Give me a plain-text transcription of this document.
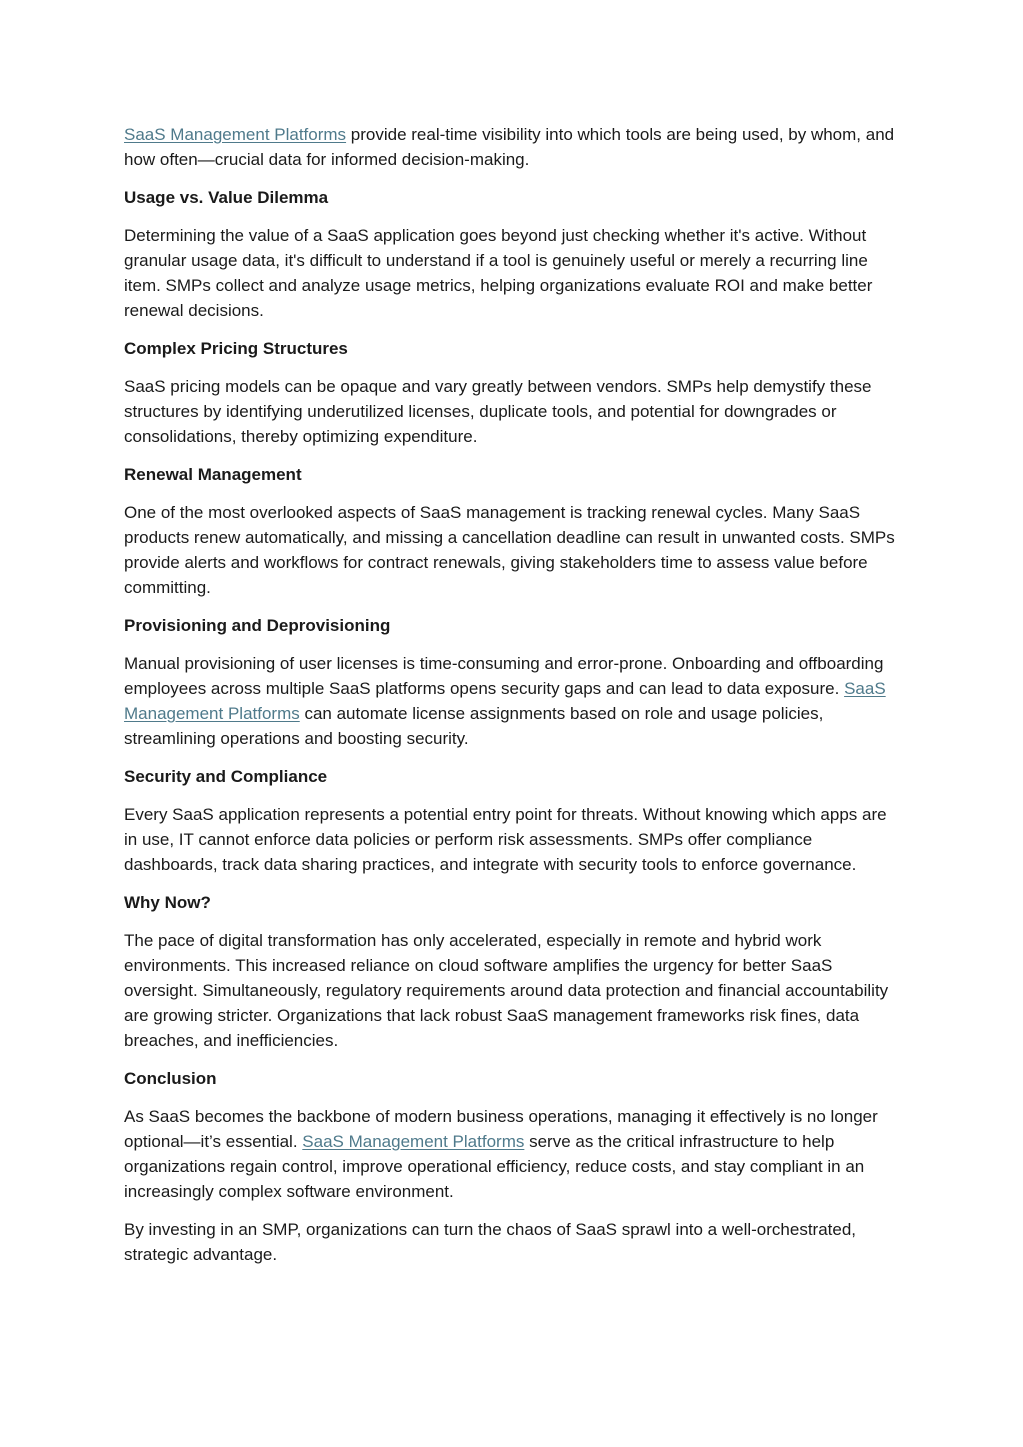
SaaS Management Platforms provide real-time visibility into which tools are being used, by whom, and how often—crucial data for informed decision-making.

Usage vs. Value Dilemma

Determining the value of a SaaS application goes beyond just checking whether it's active. Without granular usage data, it's difficult to understand if a tool is genuinely useful or merely a recurring line item. SMPs collect and analyze usage metrics, helping organizations evaluate ROI and make better renewal decisions.

Complex Pricing Structures

SaaS pricing models can be opaque and vary greatly between vendors. SMPs help demystify these structures by identifying underutilized licenses, duplicate tools, and potential for downgrades or consolidations, thereby optimizing expenditure.

Renewal Management

One of the most overlooked aspects of SaaS management is tracking renewal cycles. Many SaaS products renew automatically, and missing a cancellation deadline can result in unwanted costs. SMPs provide alerts and workflows for contract renewals, giving stakeholders time to assess value before committing.

Provisioning and Deprovisioning

Manual provisioning of user licenses is time-consuming and error-prone. Onboarding and offboarding employees across multiple SaaS platforms opens security gaps and can lead to data exposure. SaaS Management Platforms can automate license assignments based on role and usage policies, streamlining operations and boosting security.

Security and Compliance

Every SaaS application represents a potential entry point for threats. Without knowing which apps are in use, IT cannot enforce data policies or perform risk assessments. SMPs offer compliance dashboards, track data sharing practices, and integrate with security tools to enforce governance.

Why Now?

The pace of digital transformation has only accelerated, especially in remote and hybrid work environments. This increased reliance on cloud software amplifies the urgency for better SaaS oversight. Simultaneously, regulatory requirements around data protection and financial accountability are growing stricter. Organizations that lack robust SaaS management frameworks risk fines, data breaches, and inefficiencies.

Conclusion

As SaaS becomes the backbone of modern business operations, managing it effectively is no longer optional—it’s essential. SaaS Management Platforms serve as the critical infrastructure to help organizations regain control, improve operational efficiency, reduce costs, and stay compliant in an increasingly complex software environment.

By investing in an SMP, organizations can turn the chaos of SaaS sprawl into a well-orchestrated, strategic advantage.
